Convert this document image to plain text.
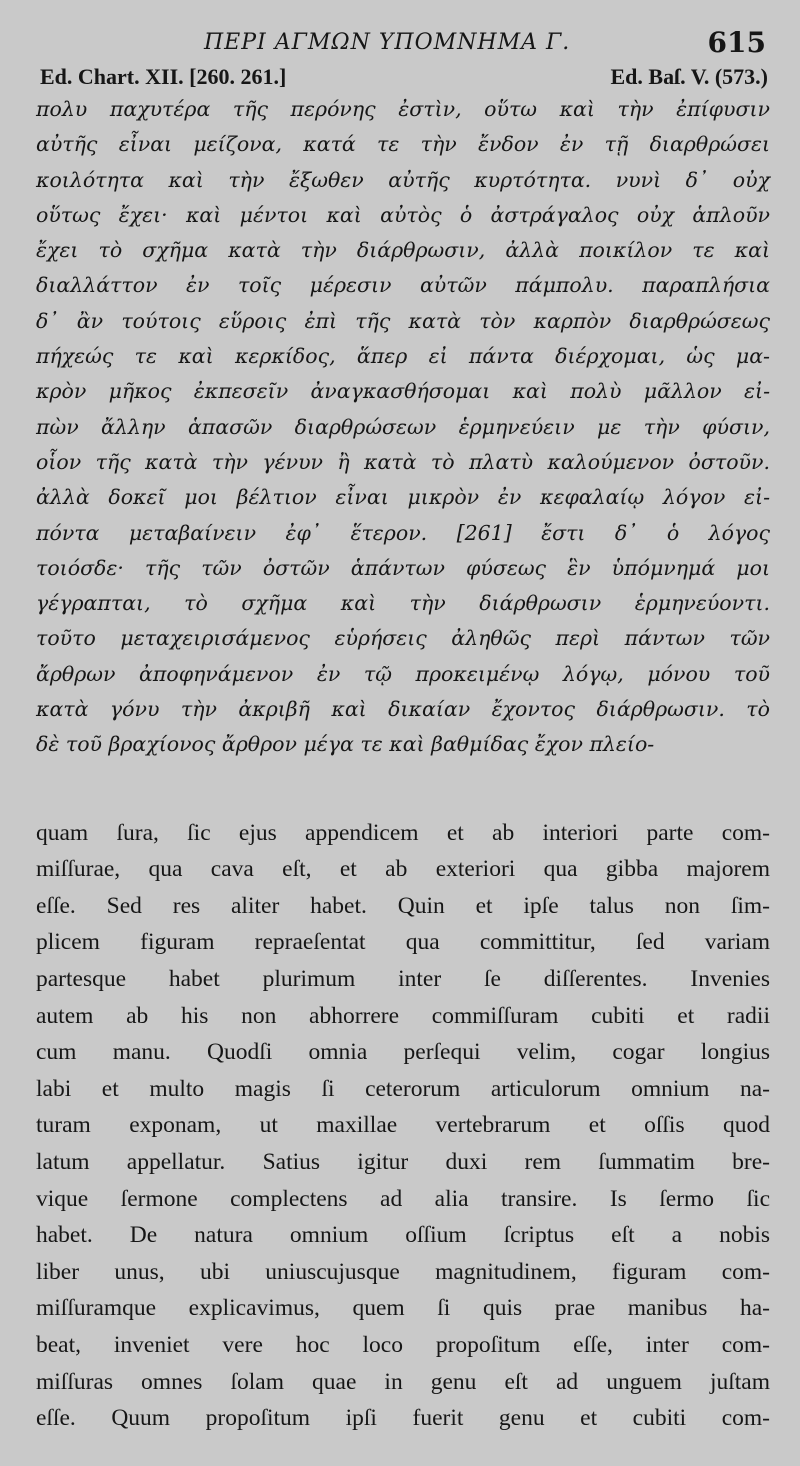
ΠΕΡΙ ΑΓΜΩΝ ΥΠΟΜΝΗΜΑ Γ.	615
Ed. Chart. XII. [260. 261.]	Ed. Baſ. V. (573.)
πολυ παχυτέρα τῆς περόνης ἐστὶν, οὕτω καὶ τὴν ἐπίφυσιν
αὐτῆς εἶναι μείζονα, κατά τε τὴν ἔνδον ἐν τῇ διαρθρώσει
κοιλότητα καὶ τὴν ἔξωθεν αὐτῆς κυρτότητα. νυνὶ δ᾽ οὐχ
οὕτως ἔχει· καὶ μέντοι καὶ αὐτὸς ὁ ἀστράγαλος οὐχ ἁπλοῦν
ἔχει τὸ σχῆμα κατὰ τὴν διάρθρωσιν, ἀλλὰ ποικίλον τε καὶ
διαλλάττον ἐν τοῖς μέρεσιν αὐτῶν πάμπολυ. παραπλήσια
δ᾽ ἂν τούτοις εὕροις ἐπὶ τῆς κατὰ τὸν καρπὸν διαρθρώσεως
πήχεώς τε καὶ κερκίδος, ἅπερ εἰ πάντα διέρχομαι, ὡς μα-
κρὸν μῆκος ἐκπεσεῖν ἀναγκασθήσομαι καὶ πολὺ μᾶλλον εἰ-
πὼν ἄλλην ἁπασῶν διαρθρώσεων ἑρμηνεύειν με τὴν φύσιν,
οἷον τῆς κατὰ τὴν γένυν ἢ κατὰ τὸ πλατὺ καλούμενον ὀστοῦν.
ἀλλὰ δοκεῖ μοι βέλτιον εἶναι μικρὸν ἐν κεφαλαίῳ λόγον εἰ-
πόντα μεταβαίνειν ἐφ᾽ ἕτερον. [261] ἔστι δ᾽ ὁ λόγος
τοιόσδε· τῆς τῶν ὀστῶν ἁπάντων φύσεως ἓν ὑπόμνημά μοι
γέγραπται, τὸ σχῆμα καὶ τὴν διάρθρωσιν ἑρμηνεύοντι.
τοῦτο μεταχειρισάμενος εὑρήσεις ἀληθῶς περὶ πάντων τῶν
ἄρθρων ἀποφηνάμενον ἐν τῷ προκειμένῳ λόγῳ, μόνου τοῦ
κατὰ γόνυ τὴν ἀκριβῆ καὶ δικαίαν ἔχοντος διάρθρωσιν. τὸ
δὲ τοῦ βραχίονος ἄρθρον μέγα τε καὶ βαθμίδας ἔχον πλείο-
quam ſura, ſic ejus appendicem et ab interiori parte com-
miſſurae, qua cava eſt, et ab exteriori qua gibba majorem
eſſe. Sed res aliter habet. Quin et ipſe talus non ſim-
plicem figuram repraeſentat qua committitur, ſed variam
partesque habet plurimum inter ſe diſſerentes. Invenies
autem ab his non abhorrere commiſſuram cubiti et radii
cum manu. Quodſi omnia perſequi velim, cogar longius
labi et multo magis ſi ceterorum articulorum omnium na-
turam exponam, ut maxillae vertebrarum et oſſis quod
latum appellatur. Satius igitur duxi rem ſummatim bre-
vique ſermone complectens ad alia transire. Is ſermo ſic
habet. De natura omnium oſſium ſcriptus eſt a nobis
liber unus, ubi uniuscujusque magnitudinem, figuram com-
miſſuramque explicavimus, quem ſi quis prae manibus ha-
beat, inveniet vere hoc loco propoſitum eſſe, inter com-
miſſuras omnes ſolam quae in genu eſt ad unguem juſtam
eſſe. Quum propoſitum ipſi fuerit genu et cubiti com-
